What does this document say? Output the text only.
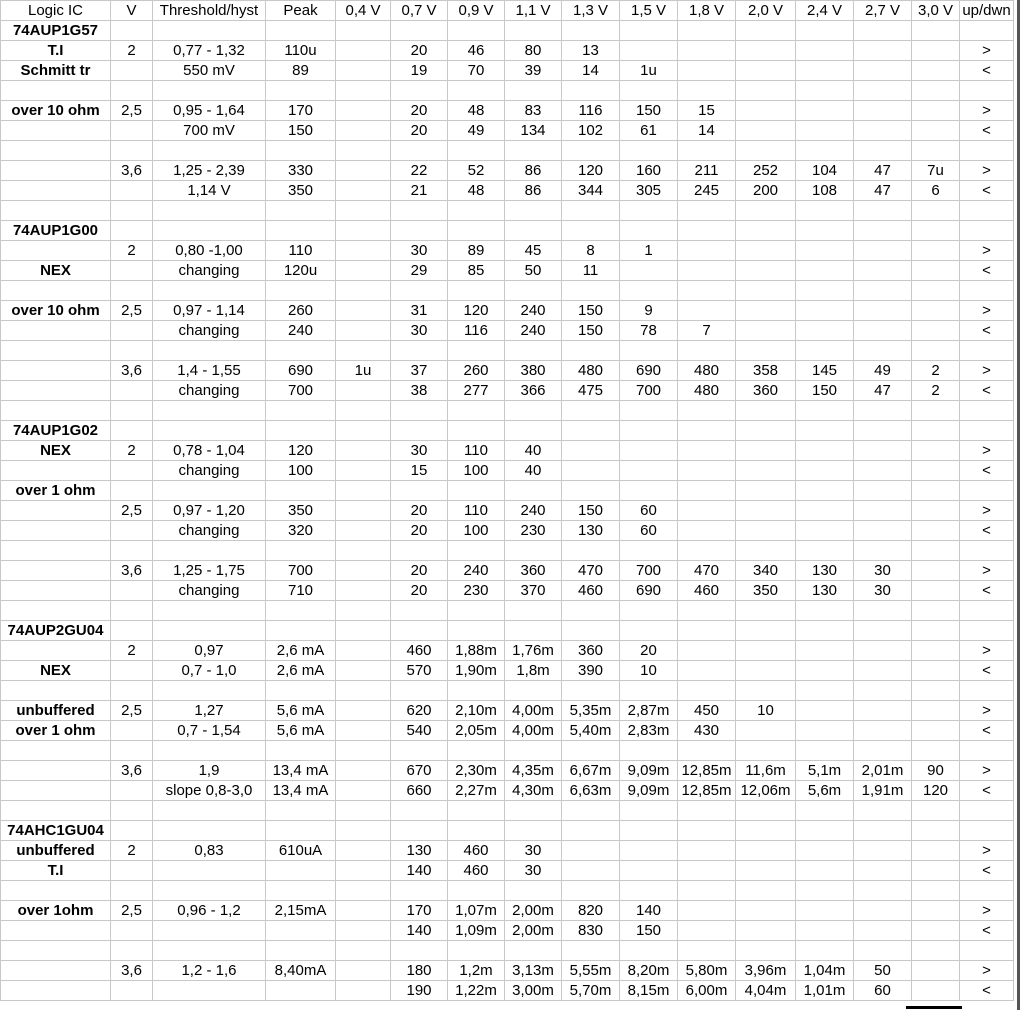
Logic IC	V	Threshold/hyst	Peak	0,4 V	0,7 V	0,9 V	1,1 V	1,3 V	1,5 V	1,8 V	2,0 V	2,4 V	2,7 V	3,0 V	up/dwn
74AUP1G57															
T.I	2	0,77 - 1,32	110u		20	46	80	13							>
Schmitt tr		550 mV	89		19	70	39	14	1u						<

over 10 ohm	2,5	0,95 - 1,64	170		20	48	83	116	150	15					>
		700 mV	150		20	49	134	102	61	14					<

	3,6	1,25 - 2,39	330		22	52	86	120	160	211	252	104	47	7u	>
		1,14 V	350		21	48	86	344	305	245	200	108	47	6	<

74AUP1G00															
	2	0,80 -1,00	110		30	89	45	8	1						>
NEX		changing	120u		29	85	50	11							<

over 10 ohm	2,5	0,97 - 1,14	260		31	120	240	150	9						>
		changing	240		30	116	240	150	78	7					<

	3,6	1,4 - 1,55	690	1u	37	260	380	480	690	480	358	145	49	2	>
		changing	700		38	277	366	475	700	480	360	150	47	2	<

74AUP1G02															
NEX	2	0,78 - 1,04	120		30	110	40								>
		changing	100		15	100	40								<
over 1 ohm															
	2,5	0,97 - 1,20	350		20	110	240	150	60						>
		changing	320		20	100	230	130	60						<

	3,6	1,25 - 1,75	700		20	240	360	470	700	470	340	130	30		>
		changing	710		20	230	370	460	690	460	350	130	30		<

74AUP2GU04															
	2	0,97	2,6 mA		460	1,88m	1,76m	360	20						>
NEX		0,7 - 1,0	2,6 mA		570	1,90m	1,8m	390	10						<

unbuffered	2,5	1,27	5,6 mA		620	2,10m	4,00m	5,35m	2,87m	450	10				>
over 1 ohm		0,7 - 1,54	5,6 mA		540	2,05m	4,00m	5,40m	2,83m	430					<

	3,6	1,9	13,4 mA		670	2,30m	4,35m	6,67m	9,09m	12,85m	11,6m	5,1m	2,01m	90	>
		slope 0,8-3,0	13,4 mA		660	2,27m	4,30m	6,63m	9,09m	12,85m	12,06m	5,6m	1,91m	120	<

74AHC1GU04															
unbuffered	2	0,83	610uA		130	460	30								>
T.I					140	460	30								<

over 1ohm	2,5	0,96 - 1,2	2,15mA		170	1,07m	2,00m	820	140						>
					140	1,09m	2,00m	830	150						<

	3,6	1,2 - 1,6	8,40mA		180	1,2m	3,13m	5,55m	8,20m	5,80m	3,96m	1,04m	50		>
					190	1,22m	3,00m	5,70m	8,15m	6,00m	4,04m	1,01m	60		<
